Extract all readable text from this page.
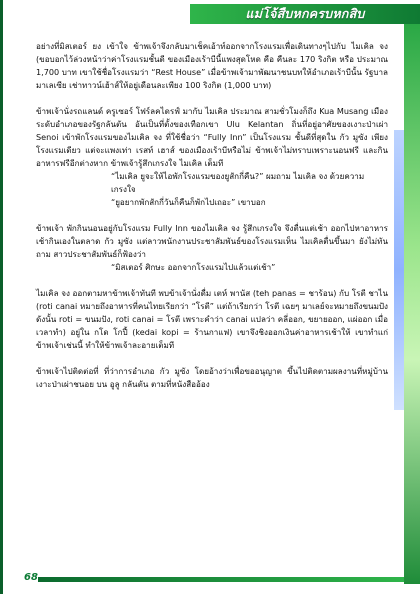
แม่โจ้สืบหกครบหกสิบ

อย่างที่มิสเตอร์ ยง เข้าใจ ข้าพเจ้าจึงกลับมาเช็คเอ้าท์ออกจากโรงแรมเพื่อเดินทางๆไปกับ ไมเคิล จง (ขอบอกไว้ล่วงหน้าว่าค่าโรงแรมชั้นดี ของเมืองเร้าบีนี้แพงสุดโหด คือ คืนละ 170 ริงกิต หรือ ประมาณ 1,700 บาท เขาใช้ชื่อโรงแรมว่า “Rest House” เมื่อข้าพเจ้ามาพัฒนาชนบทให้อำเภอเร้าบีนั้น รัฐบาลมาเลเซีย เช่าทาวน์เฮ้าส์ให้อยู่เดือนละเพียง 100 ริงกิต (1,000 บาท)

ข้าพเจ้านั่งรถแลนด์ ครูเซอร์ โฟร์ลคไดรฟ์ มากับ ไมเคิล ประมาณ สามชั่วโมงก็ถึง Kua Musang เมืองระดับอำเภอของรัฐกลันตัน อันเป็นที่ตั้งของเทือกเขา Ulu Kelantan ถิ่นที่อยู่อาศัยของเงาะป่าเผ่า Senoi เข้าพักโรงแรมของไมเคิล จง ที่ใช้ชื่อว่า “Fully Inn” เป็นโรงแรม ชั้นดีที่สุดใน กัว มูซัง เพียงโรงแรมเดียว แต่จะแพงเท่า เรสท์ เฮาส์ ของเมืองเร้าบีหรือไม่ ข้าพเจ้าไม่ทราบเพราะนอนฟรี และกินอาหารฟรีอีกต่างหาก ข้าพเจ้ารู้สึกเกรงใจ ไมเคิล เต็มที

“ไมเคิล ยูจะให้ไอพักโรงแรมของยูสักกี่คืน?” ผมถาม ไมเคิล จง ด้วยความเกรงใจ

“ยูอยากพักสักกี่วันก็คืนก็พักไปเถอะ” เขาบอก

ข้าพเจ้า พักกินนอนอยู่กับโรงแรม Fully Inn ของไมเคิล จง รู้สึกเกรงใจ จึงตื่นแต่เช้า ออกไปหาอาหารเช้ากินเองในตลาด กัว มูซัง แต่ลาวพนักงานประชาสัมพันธ์ของโรงแรมเห็น ไมเคิลตื่นขึ้นมา ยังไม่ทันถาม สาวประชาสัมพันธ์ก็ฟ้องว่า

“มิสเตอร์ ศิกษะ ออกจากโรงแรมไปแล้วแต่เช้า”

ไมเคิล จง ออกตามหาข้าพเจ้าทันที พบข้าเจ้านั่งดื่ม เตห์ พานัส (teh panas = ชาร้อน) กับ โรตี ชาไน (roti canai หมายถึงอาหารที่คนไทยเรียกว่า “โรตี” แต่ถ้าเรียกว่า โรตี เฉยๆ มาเลย์จะหมายถึงขนมปัง ดังนั้น roti = ขนมปัง, roti canai = โรตี เพราะคำว่า canai แปลว่า คลี่ออก, ขยายออก, แผ่ออก เมื่อเวลาทำ) อยู่ใน กโด โกปี้ (kedai kopi = ร้านกาแฟ) เขาจึงชิงออกเงินค่าอาหารเช้าให้ เขาทำแก่ข้าพเจ้าเช่นนี้ ทำให้ข้าพเจ้าละอายเต็มที

ข้าพเจ้าไปติดต่อที่ ที่ว่าการอำเภอ กัว มูซัง โดยอ้างว่าเพื่อขออนุญาต ขึ้นไปติดตามผลงานที่หมู่บ้านเงาะป่าเผ่าชนอย บน อูลู กลันตัน ตามที่หนังสืออ้อง

68
